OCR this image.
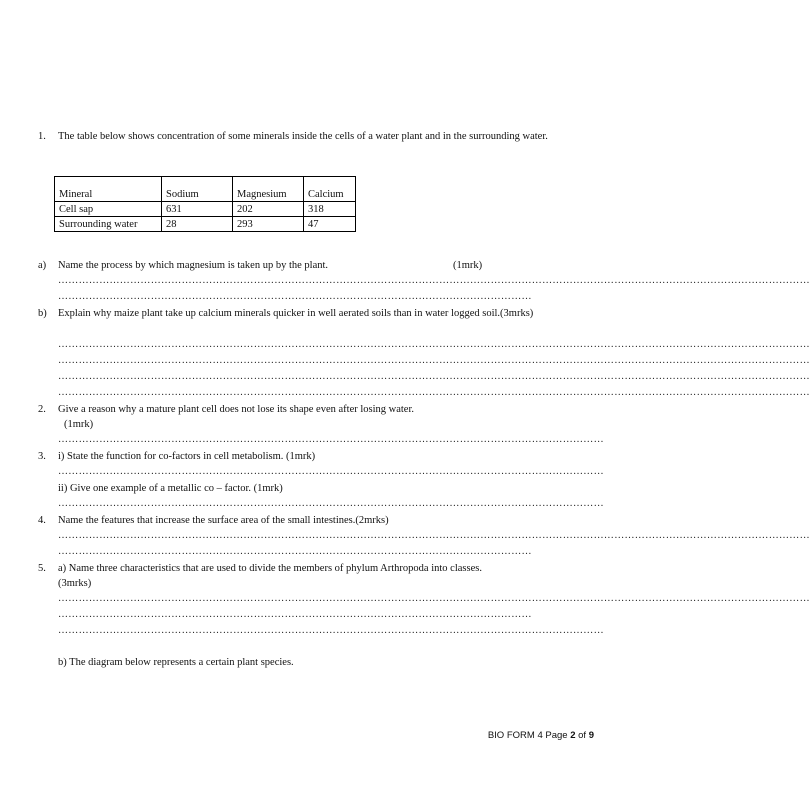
1.	The table below shows concentration of some minerals inside the cells of a water plant and in the surrounding water.
Mineral	Sodium	Magnesium	Calcium
Cell sap	631	202	318
Surrounding water	28	293	47
a)	Name the process by which magnesium is taken up by the plant.	(1mrk)
…………………………………………………………………………………………………………………………………………………………………………………………………
…………………………………………………………………………………………………………………………
b)	Explain why maize plant take up calcium minerals quicker in well aerated soils than in water logged soil.(3mrks)
…………………………………………………………………………………………………………………………………………………………………………………………………
…………………………………………………………………………………………………………………………………………………………………………………………………
…………………………………………………………………………………………………………………………………………………………………………………………………
…………………………………………………………………………………………………………………………………………………………………………………………………
2.	Give a reason why a mature plant cell does not lose its shape even after losing water.
(1mrk)
……………………………………………………………………………………………………………………………………………
3.	i) State the function for co-factors in cell metabolism. (1mrk)
……………………………………………………………………………………………………………………………………………
ii) Give one example of a metallic co – factor. (1mrk)
……………………………………………………………………………………………………………………………………………
4.	Name the features that increase the surface area of the small intestines.(2mrks)
…………………………………………………………………………………………………………………………………………………………………………………………………
…………………………………………………………………………………………………………………………
5.	a) Name three characteristics that are used to divide the members of phylum Arthropoda into classes.
(3mrks)
…………………………………………………………………………………………………………………………………………………………………………………………………
…………………………………………………………………………………………………………………………
……………………………………………………………………………………………………………………………………………
b) The diagram below represents a certain plant species.
BIO FORM 4 Page 2 of 9
